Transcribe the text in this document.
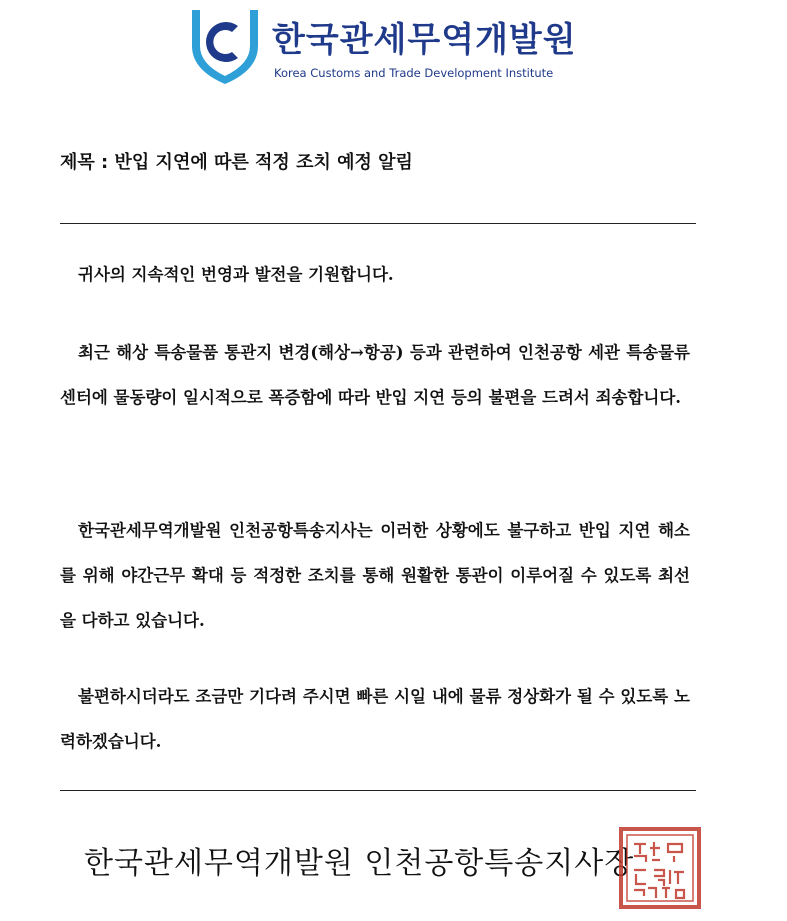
한국관세무역개발원
Korea Customs and Trade Development Institute
제목 : 반입 지연에 따른 적정 조치 예정 알림
귀사의 지속적인 번영과 발전을 기원합니다.
최근 해상 특송물품 통관지 변경(해상→항공) 등과 관련하여 인천공항 세관 특송물류센터에 물동량이 일시적으로 폭증함에 따라 반입 지연 등의 불편을 드려서 죄송합니다.
한국관세무역개발원 인천공항특송지사는 이러한 상황에도 불구하고 반입 지연 해소를 위해 야간근무 확대 등 적정한 조치를 통해 원활한 통관이 이루어질 수 있도록 최선을 다하고 있습니다.
불편하시더라도 조금만 기다려 주시면 빠른 시일 내에 물류 정상화가 될 수 있도록 노력하겠습니다.
한국관세무역개발원 인천공항특송지사장
